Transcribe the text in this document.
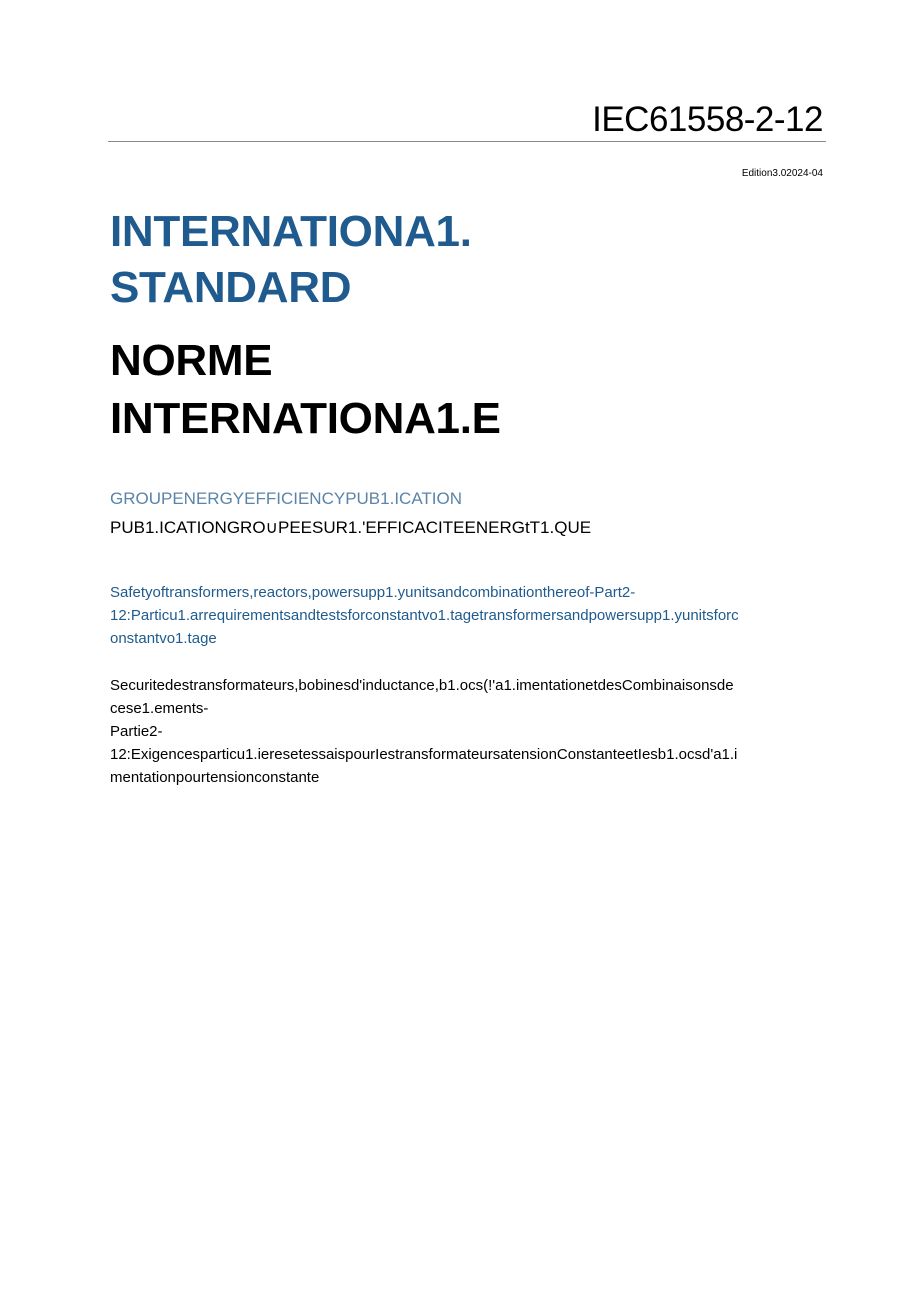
IEC61558-2-12
Edition3.02024-04
INTERNATIONA1.
STANDARD
NORME
INTERNATIONA1.E
GROUPENERGYEFFICIENCYPUB1.ICATION
PUB1.ICATIONGRO∪PEESUR1.'EFFICACITEENERGtT1.QUE
Safetyoftransformers,reactors,powersupp1.yunitsandcombinationthereof-Part2-
12:Particu1.arrequirementsandtestsforconstantvo1.tagetransformersandpowersupp1.yunitsforc
onstantvo1.tage
Securitedestransformateurs,bobinesd'inductance,b1.ocs(!'a1.imentationetdesCombinaisonsde
cese1.ements-
Partie2-
12:Exigencesparticu1.ieresetessaispourIestransformateursatensionConstanteetIesb1.ocsd'a1.i
mentationpourtensionconstante
